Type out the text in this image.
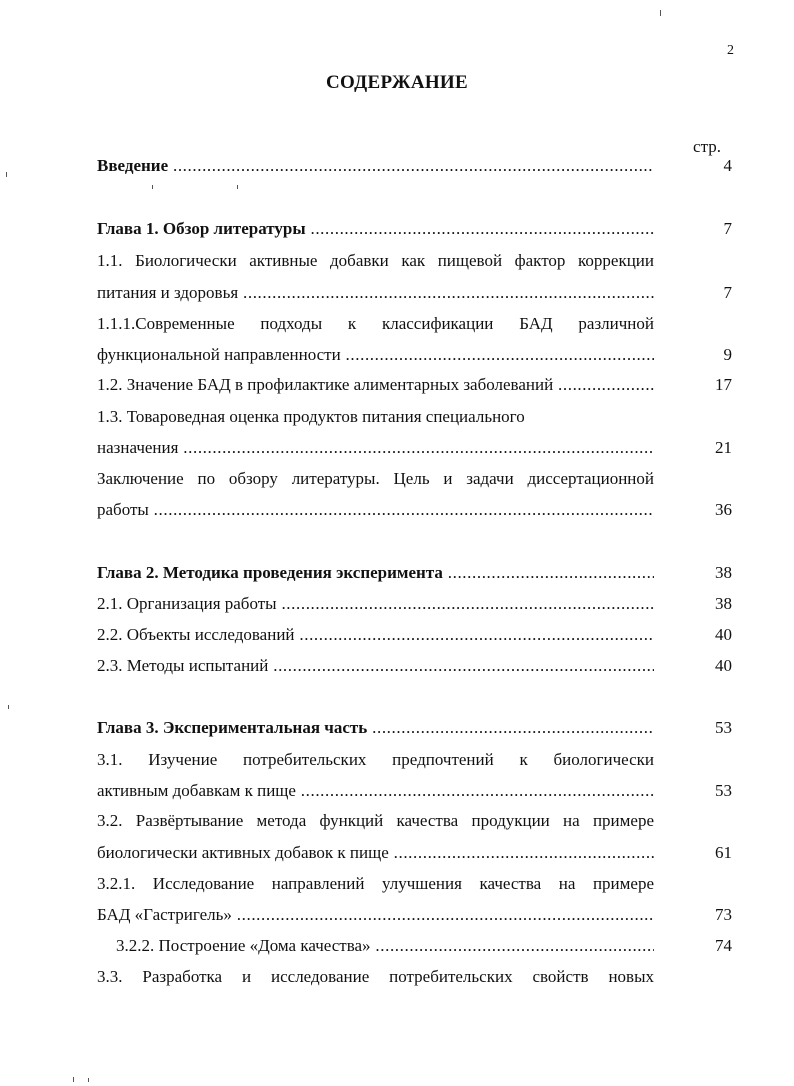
2
СОДЕРЖАНИЕ
стр.
Введение .....	4
Глава 1. Обзор литературы .....	7
1.1. Биологически активные добавки как пищевой фактор коррекции
питания и здоровья .....	7
1.1.1.Современные подходы к классификации БАД различной
функциональной направленности .....	9
1.2. Значение БАД в профилактике алиментарных заболеваний .....	17
1.3. Товароведная оценка продуктов питания специального
назначения .....	21
Заключение по обзору литературы. Цель и задачи диссертационной
работы .....	36
Глава 2. Методика проведения эксперимента .....	38
2.1. Организация работы .....	38
2.2. Объекты исследований .....	40
2.3. Методы испытаний .....	40
Глава 3. Экспериментальная часть .....	53
3.1. Изучение потребительских предпочтений к биологически
активным добавкам к пище .....	53
3.2. Развёртывание метода функций качества продукции на примере
биологически активных добавок к пище .....	61
3.2.1. Исследование направлений улучшения качества на примере
БАД «Гастригель» .....	73
3.2.2. Построение «Дома качества» .....	74
3.3. Разработка и исследование потребительских свойств новых
